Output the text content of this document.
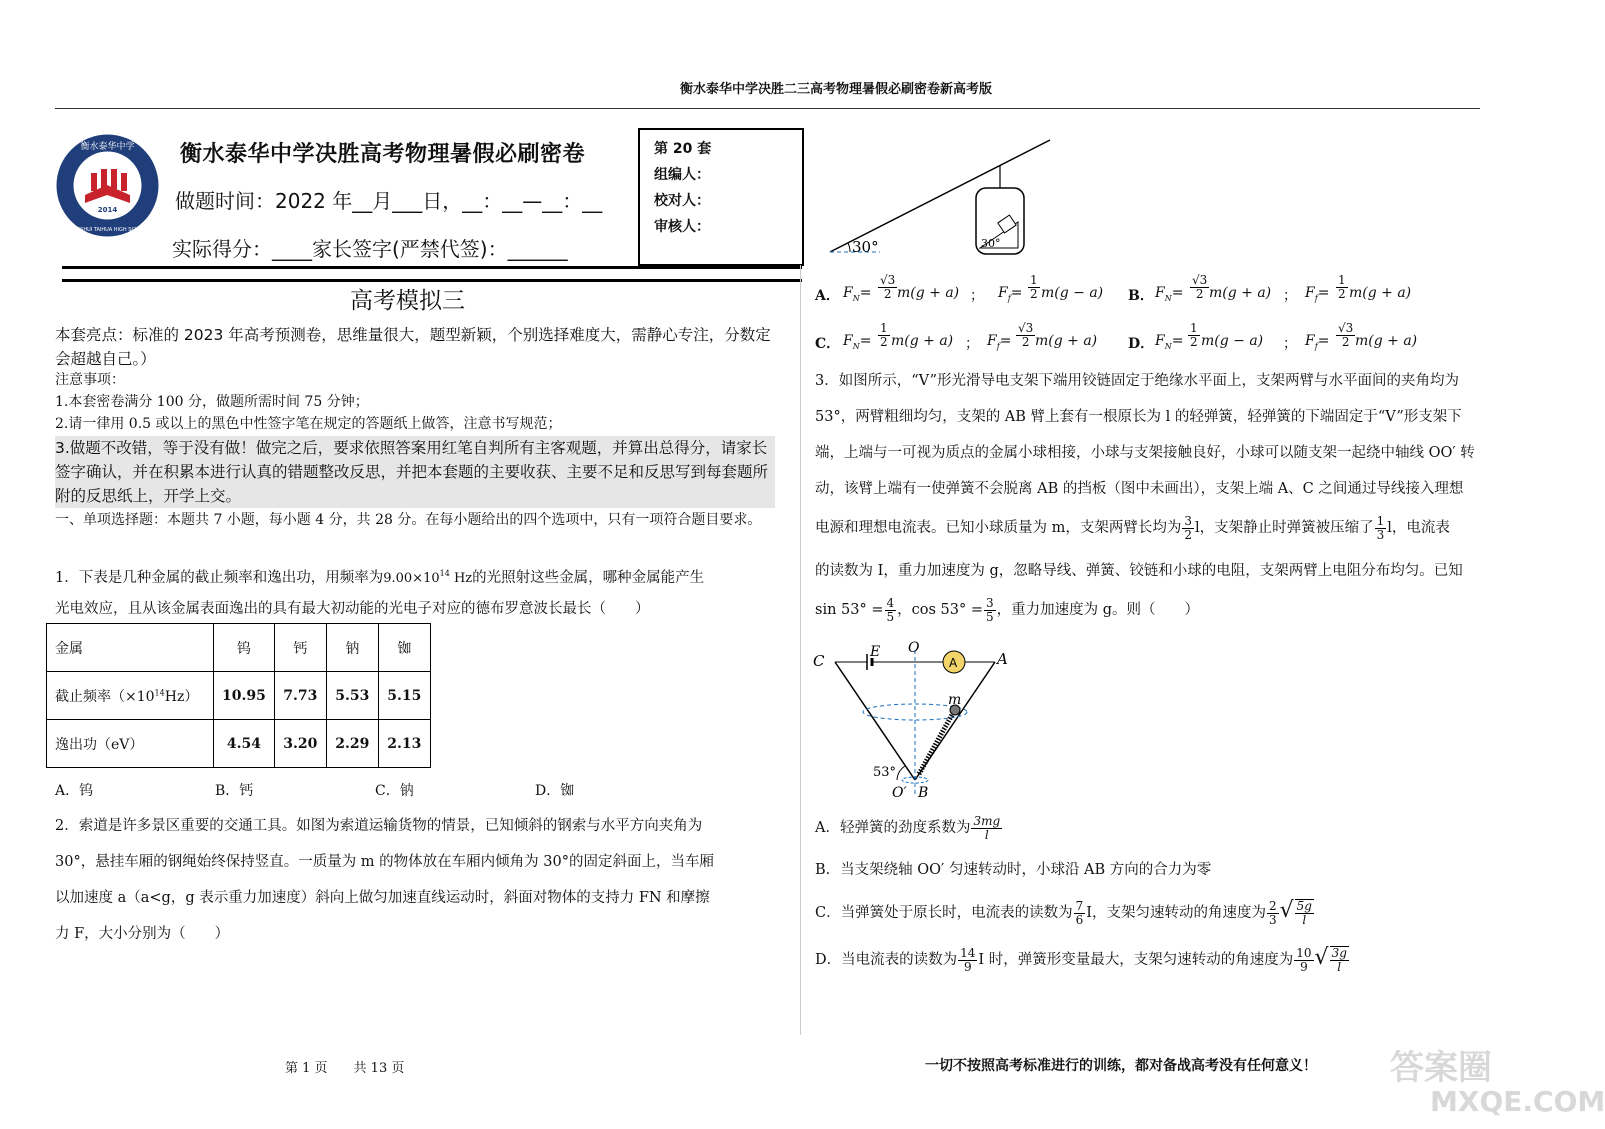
衡水泰华中学决胜二三高考物理暑假必刷密卷新高考版
衡水泰华中学
HENGSHUI TAIHUA HIGH SCHOOL
2014
衡水泰华中学决胜高考物理暑假必刷密卷
做题时间：2022 年__月___日，__：__—__：__
实际得分：____家长签字(严禁代签)：______
第 20 套
组编人：
校对人：
审核人：
高考模拟三
本套亮点：标准的 2023 年高考预测卷，思维量很大，题型新颖，个别选择难度大，需静心专注，分数定会超越自己。）
注意事项：
1.本套密卷满分 100 分，做题所需时间 75 分钟；
2.请一律用 0.5 或以上的黑色中性签字笔在规定的答题纸上做答，注意书写规范；
3.做题不改错，等于没有做！做完之后，要求依照答案用红笔自判所有主客观题，并算出总得分，请家长签字确认，并在积累本进行认真的错题整改反思，并把本套题的主要收获、主要不足和反思写到每套题所附的反思纸上，开学上交。
一、单项选择题：本题共 7 小题，每小题 4 分，共 28 分。在每小题给出的四个选项中，只有一项符合题目要求。
1．下表是几种金属的截止频率和逸出功，用频率为$9.00\times 10^{14}$ Hz的光照射这些金属，哪种金属能产生
光电效应，且从该金属表面逸出的具有最大初动能的光电子对应的德布罗意波长最长（　　）
金属	钨	钙	钠	铷
截止频率$(\times 10^{14}Hz)$	10.95	7.73	5.53	5.15
逸出功（eV）	4.54	3.20	2.29	2.13
A．钨	B．钙	C．钠	D．铷
2．索道是许多景区重要的交通工具。如图为索道运输货物的情景，已知倾斜的钢索与水平方向夹角为
30°，悬挂车厢的钢绳始终保持竖直。一质量为 m 的物体放在车厢内倾角为 30°的固定斜面上，当车厢
以加速度 a（a<g，g 表示重力加速度）斜向上做匀加速直线运动时，斜面对物体的支持力 FN 和摩擦
力 F，大小分别为（　　）
30°	30°
A． $F_N= \frac{√3}{2} m(g + a)$ ； $F_f= \frac{1}{2} m(g - a)$ B． $F_N= \frac{√3}{2} m(g + a)$ ； $F_f= \frac{1}{2} m(g + a)$
C． $F_N= \frac{1}{2} m(g + a)$ ； $F_f= \frac{√3}{2} m(g + a)$ D． $F_N= \frac{1}{2} m(g - a)$ ； $F_f= \frac{√3}{2} m(g + a)$
3．如图所示，“V”形光滑导电支架下端用铰链固定于绝缘水平面上，支架两臂与水平面间的夹角均为
53°，两臂粗细均匀，支架的 AB 臂上套有一根原长为 l 的轻弹簧，轻弹簧的下端固定于“V”形支架下
端，上端与一可视为质点的金属小球相接，小球与支架接触良好，小球可以随支架一起绕中轴线 OO′ 转
动，该臂上端有一使弹簧不会脱离 AB 的挡板（图中未画出），支架上端 A、C 之间通过导线接入理想
电源和理想电流表。已知小球质量为 m，支架两臂长均为 $\frac{3}{2}$ l，支架静止时弹簧被压缩了 $\frac{1}{3}$ l，电流表
的读数为 I，重力加速度为 g，忽略导线、弹簧、铰链和小球的电阻，支架两臂上电阻分布均匀。已知
$\sin 53^\circ = \frac{4}{5}$ ，$\cos 53^\circ = \frac{3}{5}$ ，重力加速度为 g。则（　　）
C	E O
A	A
m
53°
O′ B
A．轻弹簧的劲度系数为 $\frac{3mg}{l}$
B．当支架绕轴 OO′ 匀速转动时，小球沿 AB 方向的合力为零
C．当弹簧处于原长时，电流表的读数为 $\frac{7}{6}$ I，支架匀速转动的角速度为 $\frac{2}{3}$ √ $\frac{5g}{l}$
D．当电流表的读数为 $\frac{14}{9}$ I 时，弹簧形变量最大，支架匀速转动的角速度为 $\frac{10}{9}$ √ $\frac{3g}{l}$
第 1 页　　共 13 页	一切不按照高考标准进行的训练，都对备战高考没有任何意义！ 答案圈
MXQE.COM
